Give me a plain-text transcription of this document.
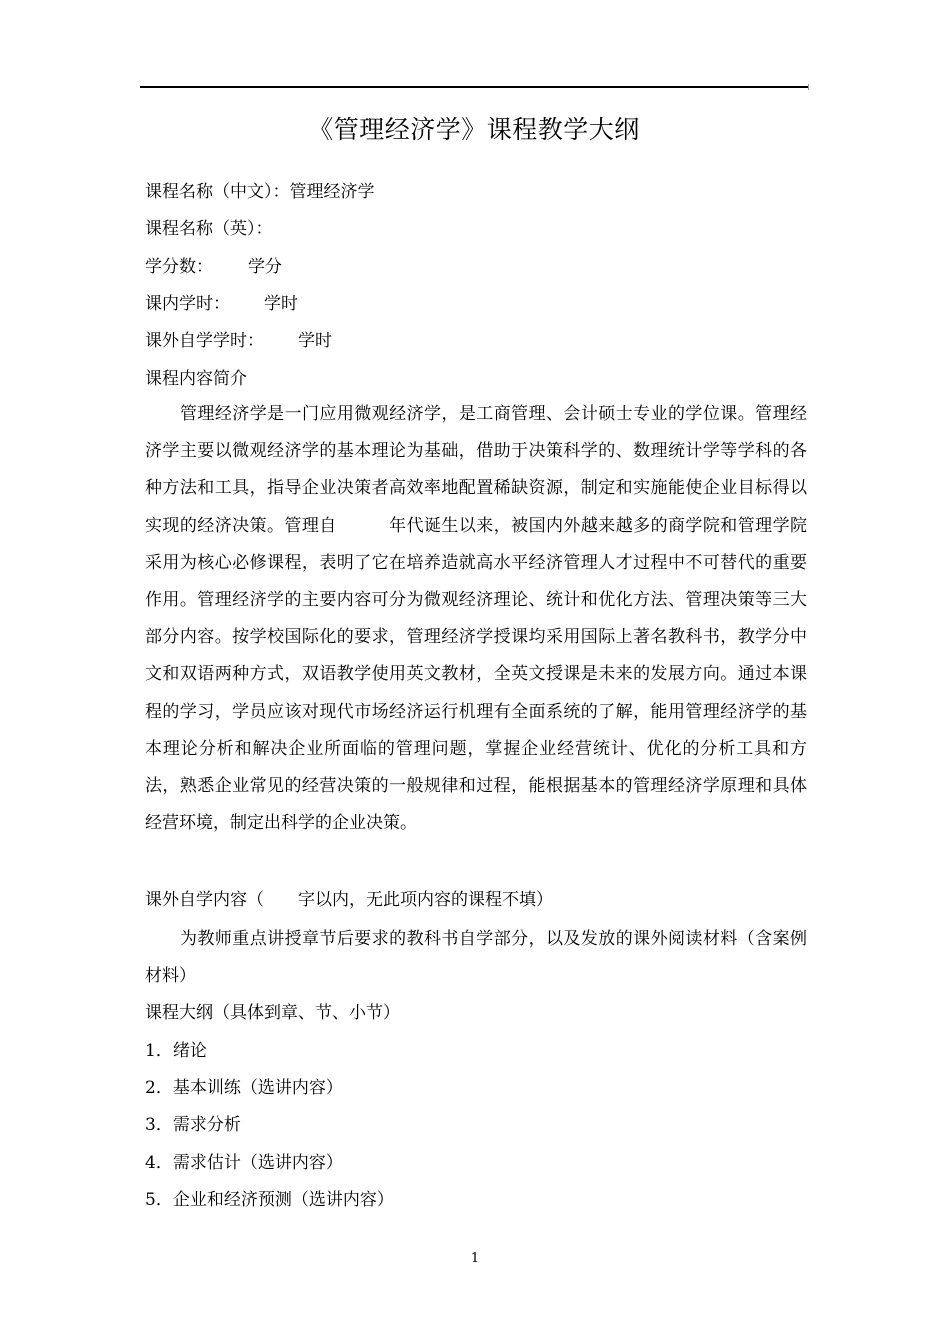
《管理经济学》课程教学大纲
课程名称（中文）：管理经济学
课程名称（英）：
学分数： 学分
课内学时： 学时
课外自学学时： 学时
课程内容简介
管理经济学是一门应用微观经济学，是工商管理、会计硕士专业的学位课。管理经济学主要以微观经济学的基本理论为基础，借助于决策科学的、数理统计学等学科的各种方法和工具，指导企业决策者高效率地配置稀缺资源，制定和实施能使企业目标得以实现的经济决策。管理自	年代诞生以来，被国内外越来越多的商学院和管理学院采用为核心必修课程，表明了它在培养造就高水平经济管理人才过程中不可替代的重要作用。管理经济学的主要内容可分为微观经济理论、统计和优化方法、管理决策等三大部分内容。按学校国际化的要求，管理经济学授课均采用国际上著名教科书，教学分中文和双语两种方式，双语教学使用英文教材，全英文授课是未来的发展方向。通过本课程的学习，学员应该对现代市场经济运行机理有全面系统的了解，能用管理经济学的基本理论分析和解决企业所面临的管理问题，掌握企业经营统计、优化的分析工具和方法，熟悉企业常见的经营决策的一般规律和过程，能根据基本的管理经济学原理和具体经营环境，制定出科学的企业决策。
课外自学内容（ 字以内，无此项内容的课程不填）
为教师重点讲授章节后要求的教科书自学部分，以及发放的课外阅读材料（含案例材料）
课程大纲（具体到章、节、小节）
1．绪论
2．基本训练（选讲内容）
3．需求分析
4．需求估计（选讲内容）
5．企业和经济预测（选讲内容）
1
